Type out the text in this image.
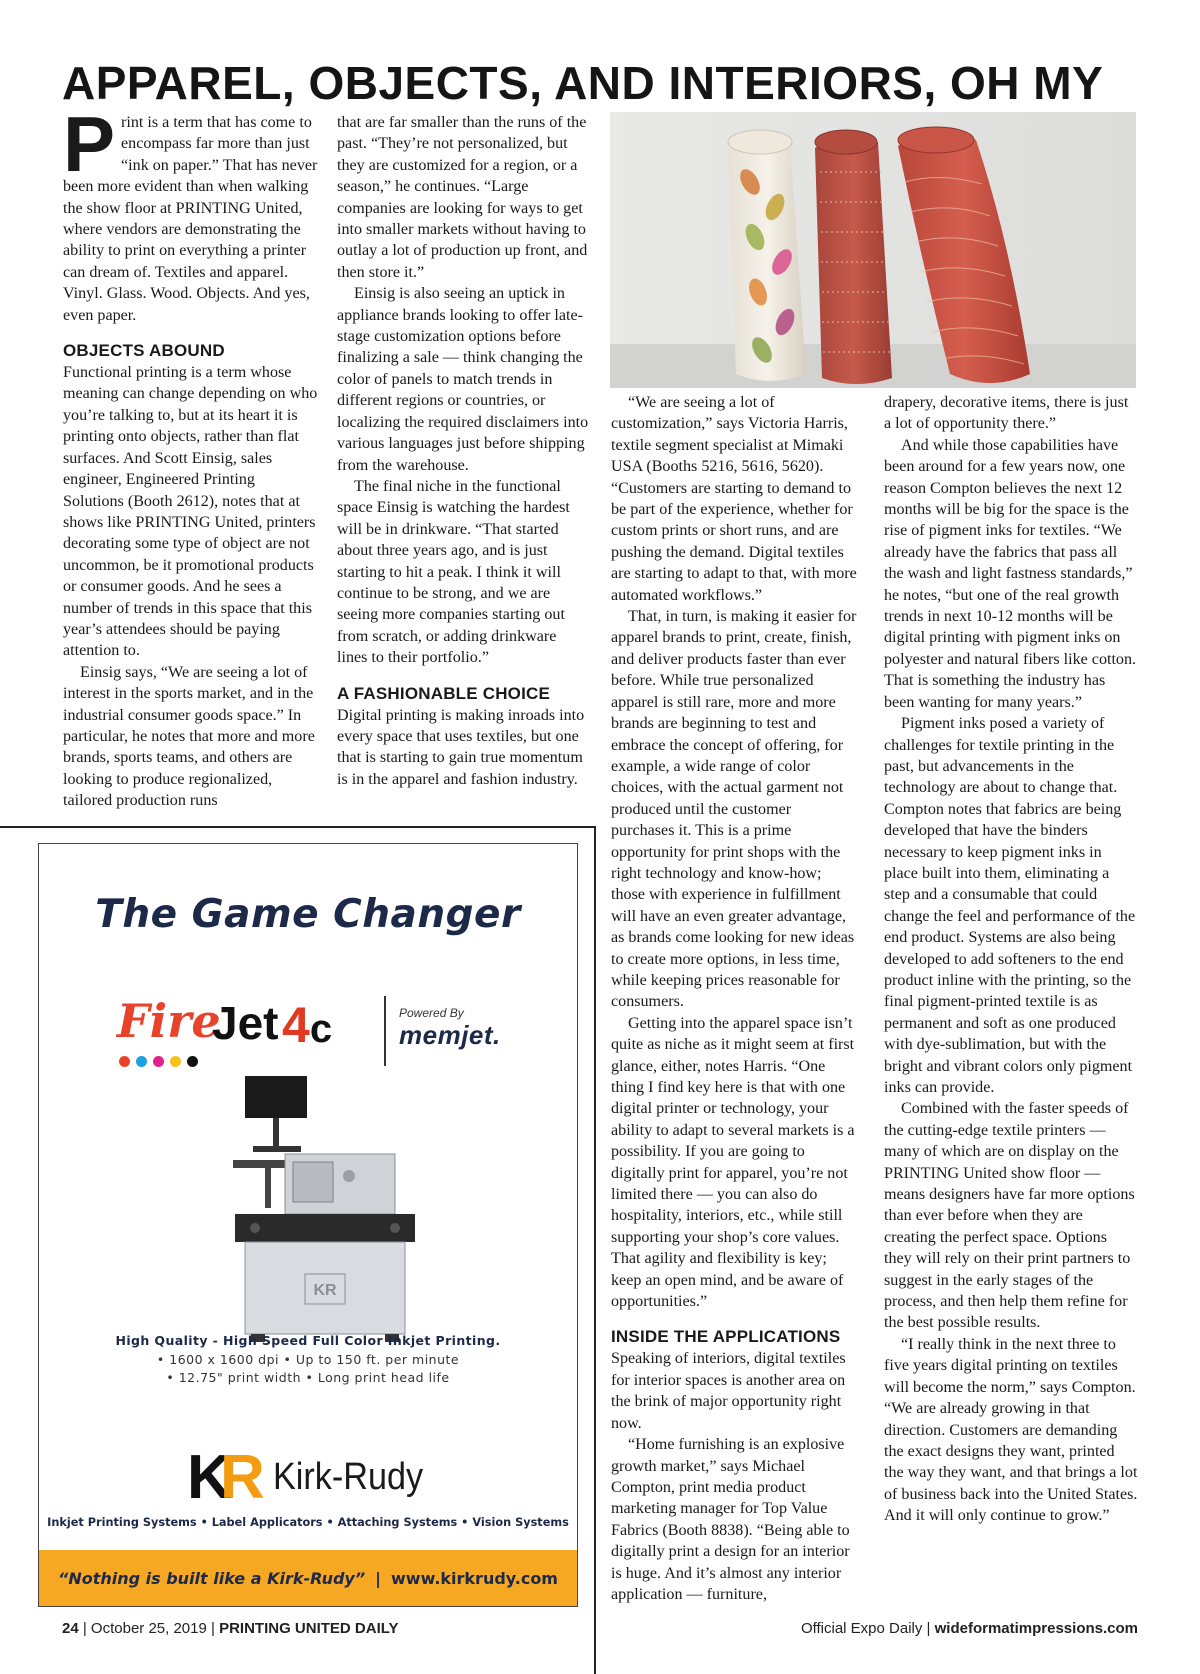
APPAREL, OBJECTS, AND INTERIORS, OH MY

Print is a term that has come to encompass far more than just “ink on paper.” That has never been more evident than when walking the show floor at PRINTING United, where vendors are demonstrating the ability to print on everything a printer can dream of. Textiles and apparel. Vinyl. Glass. Wood. Objects. And yes, even paper.

OBJECTS ABOUND

Functional printing is a term whose meaning can change depending on who you’re talking to, but at its heart it is printing onto objects, rather than flat surfaces. And Scott Einsig, sales engineer, Engineered Printing Solutions (Booth 2612), notes that at shows like PRINTING United, printers decorating some type of object are not uncommon, be it promotional products or consumer goods. And he sees a number of trends in this space that this year’s attendees should be paying attention to.

Einsig says, “We are seeing a lot of interest in the sports market, and in the industrial consumer goods space.” In particular, he notes that more and more brands, sports teams, and others are looking to produce regionalized, tailored production runs

that are far smaller than the runs of the past. “They’re not personalized, but they are customized for a region, or a season,” he continues. “Large companies are looking for ways to get into smaller markets without having to outlay a lot of production up front, and then store it.”

Einsig is also seeing an uptick in appliance brands looking to offer late-stage customization options before finalizing a sale — think changing the color of panels to match trends in different regions or countries, or localizing the required disclaimers into various languages just before shipping from the warehouse.

The final niche in the functional space Einsig is watching the hardest will be in drinkware. “That started about three years ago, and is just starting to hit a peak. I think it will continue to be strong, and we are seeing more companies starting out from scratch, or adding drinkware lines to their portfolio.”

A FASHIONABLE CHOICE

Digital printing is making inroads into every space that uses textiles, but one that is starting to gain true momentum is in the apparel and fashion industry.

“We are seeing a lot of customization,” says Victoria Harris, textile segment specialist at Mimaki USA (Booths 5216, 5616, 5620). “Customers are starting to demand to be part of the experience, whether for custom prints or short runs, and are pushing the demand. Digital textiles are starting to adapt to that, with more automated workflows.”

That, in turn, is making it easier for apparel brands to print, create, finish, and deliver products faster than ever before. While true personalized apparel is still rare, more and more brands are beginning to test and embrace the concept of offering, for example, a wide range of color choices, with the actual garment not produced until the customer purchases it. This is a prime opportunity for print shops with the right technology and know-how; those with experience in fulfillment will have an even greater advantage, as brands come looking for new ideas to create more options, in less time, while keeping prices reasonable for consumers.

Getting into the apparel space isn’t quite as niche as it might seem at first glance, either, notes Harris. “One thing I find key here is that with one digital printer or technology, your ability to adapt to several markets is a possibility. If you are going to digitally print for apparel, you’re not limited there — you can also do hospitality, interiors, etc., while still supporting your shop’s core values. That agility and flexibility is key; keep an open mind, and be aware of opportunities.”

INSIDE THE APPLICATIONS

Speaking of interiors, digital textiles for interior spaces is another area on the brink of major opportunity right now.

“Home furnishing is an explosive growth market,” says Michael Compton, print media product marketing manager for Top Value Fabrics (Booth 8838). “Being able to digitally print a design for an interior is huge. And it’s almost any interior application — furniture,

drapery, decorative items, there is just a lot of opportunity there.”

And while those capabilities have been around for a few years now, one reason Compton believes the next 12 months will be big for the space is the rise of pigment inks for textiles. “We already have the fabrics that pass all the wash and light fastness standards,” he notes, “but one of the real growth trends in next 10-12 months will be digital printing with pigment inks on polyester and natural fibers like cotton. That is something the industry has been wanting for many years.”

Pigment inks posed a variety of challenges for textile printing in the past, but advancements in the technology are about to change that. Compton notes that fabrics are being developed that have the binders necessary to keep pigment inks in place built into them, eliminating a step and a consumable that could change the feel and performance of the end product. Systems are also being developed to add softeners to the end product inline with the printing, so the final pigment-printed textile is as permanent and soft as one produced with dye-sublimation, but with the bright and vibrant colors only pigment inks can provide.

Combined with the faster speeds of the cutting-edge textile printers — many of which are on display on the PRINTING United show floor — means designers have far more options than ever before when they are creating the perfect space. Options they will rely on their print partners to suggest in the early stages of the process, and then help them refine for the best possible results.

“I really think in the next three to five years digital printing on textiles will become the norm,” says Compton. “We are already growing in that direction. Customers are demanding the exact designs they want, printed the way they want, and that brings a lot of business back into the United States. And it will only continue to grow.”

The Game Changer
Fire
Jet 4c	Powered By
memjet.
KR

High Quality - High Speed Full Color Inkjet Printing.

• 1600 x 1600 dpi • Up to 150 ft. per minute

• 12.75" print width • Long print head life

K
R Kirk-Rudy

Inkjet Printing Systems • Label Applicators • Attaching Systems • Vision Systems

“Nothing is built like a Kirk-Rudy” | www.kirkrudy.com
24 | October 25, 2019 | PRINTING UNITED DAILY	Official Expo Daily | wideformatimpressions.com
